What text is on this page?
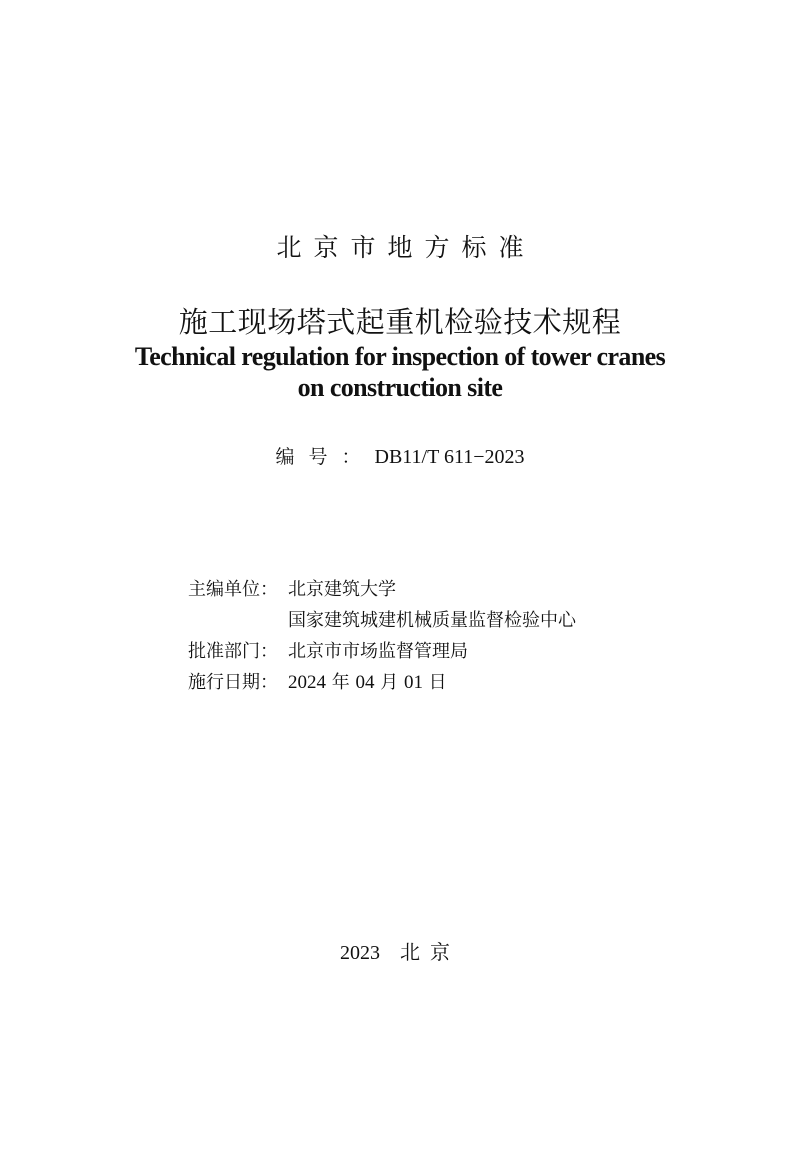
北京市地方标准
施工现场塔式起重机检验技术规程
Technical regulation for inspection of tower cranes
on construction site
编号：DB11/T 611−2023
主编单位： 北京建筑大学
国家建筑城建机械质量监督检验中心
批准部门： 北京市市场监督管理局
施行日期： 2024 年 04 月 01 日
2023 北京
